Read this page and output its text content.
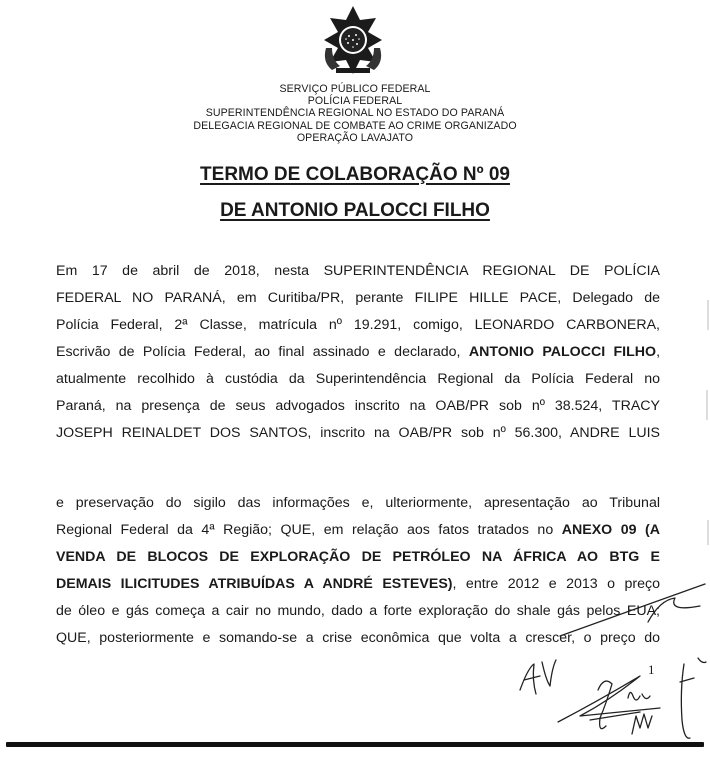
SERVIÇO PÚBLICO FEDERAL
POLÍCIA FEDERAL
SUPERINTENDÊNCIA REGIONAL NO ESTADO DO PARANÁ
DELEGACIA REGIONAL DE COMBATE AO CRIME ORGANIZADO
OPERAÇÃO LAVAJATO
TERMO DE COLABORAÇÃO Nº 09
DE ANTONIO PALOCCI FILHO
Em 17 de abril de 2018, nesta SUPERINTENDÊNCIA REGIONAL DE POLÍCIA
FEDERAL NO PARANÁ, em Curitiba/PR, perante FILIPE HILLE PACE, Delegado de
Polícia Federal, 2ª Classe, matrícula nº 19.291, comigo, LEONARDO CARBONERA,
Escrivão de Polícia Federal, ao final assinado e declarado, ANTONIO PALOCCI FILHO,
atualmente recolhido à custódia da Superintendência Regional da Polícia Federal no
Paraná, na presença de seus advogados inscrito na OAB/PR sob nº 38.524, TRACY
JOSEPH REINALDET DOS SANTOS, inscrito na OAB/PR sob nº 56.300, ANDRE LUIS
e preservação do sigilo das informações e, ulteriormente, apresentação ao Tribunal
Regional Federal da 4ª Região; QUE, em relação aos fatos tratados no ANEXO 09 (A
VENDA DE BLOCOS DE EXPLORAÇÃO DE PETRÓLEO NA ÁFRICA AO BTG E
DEMAIS ILICITUDES ATRIBUÍDAS A ANDRÉ ESTEVES), entre 2012 e 2013 o preço
de óleo e gás começa a cair no mundo, dado a forte exploração do shale gás pelos EUA;
QUE, posteriormente e somando-se a crise econômica que volta a crescer, o preço do
1
